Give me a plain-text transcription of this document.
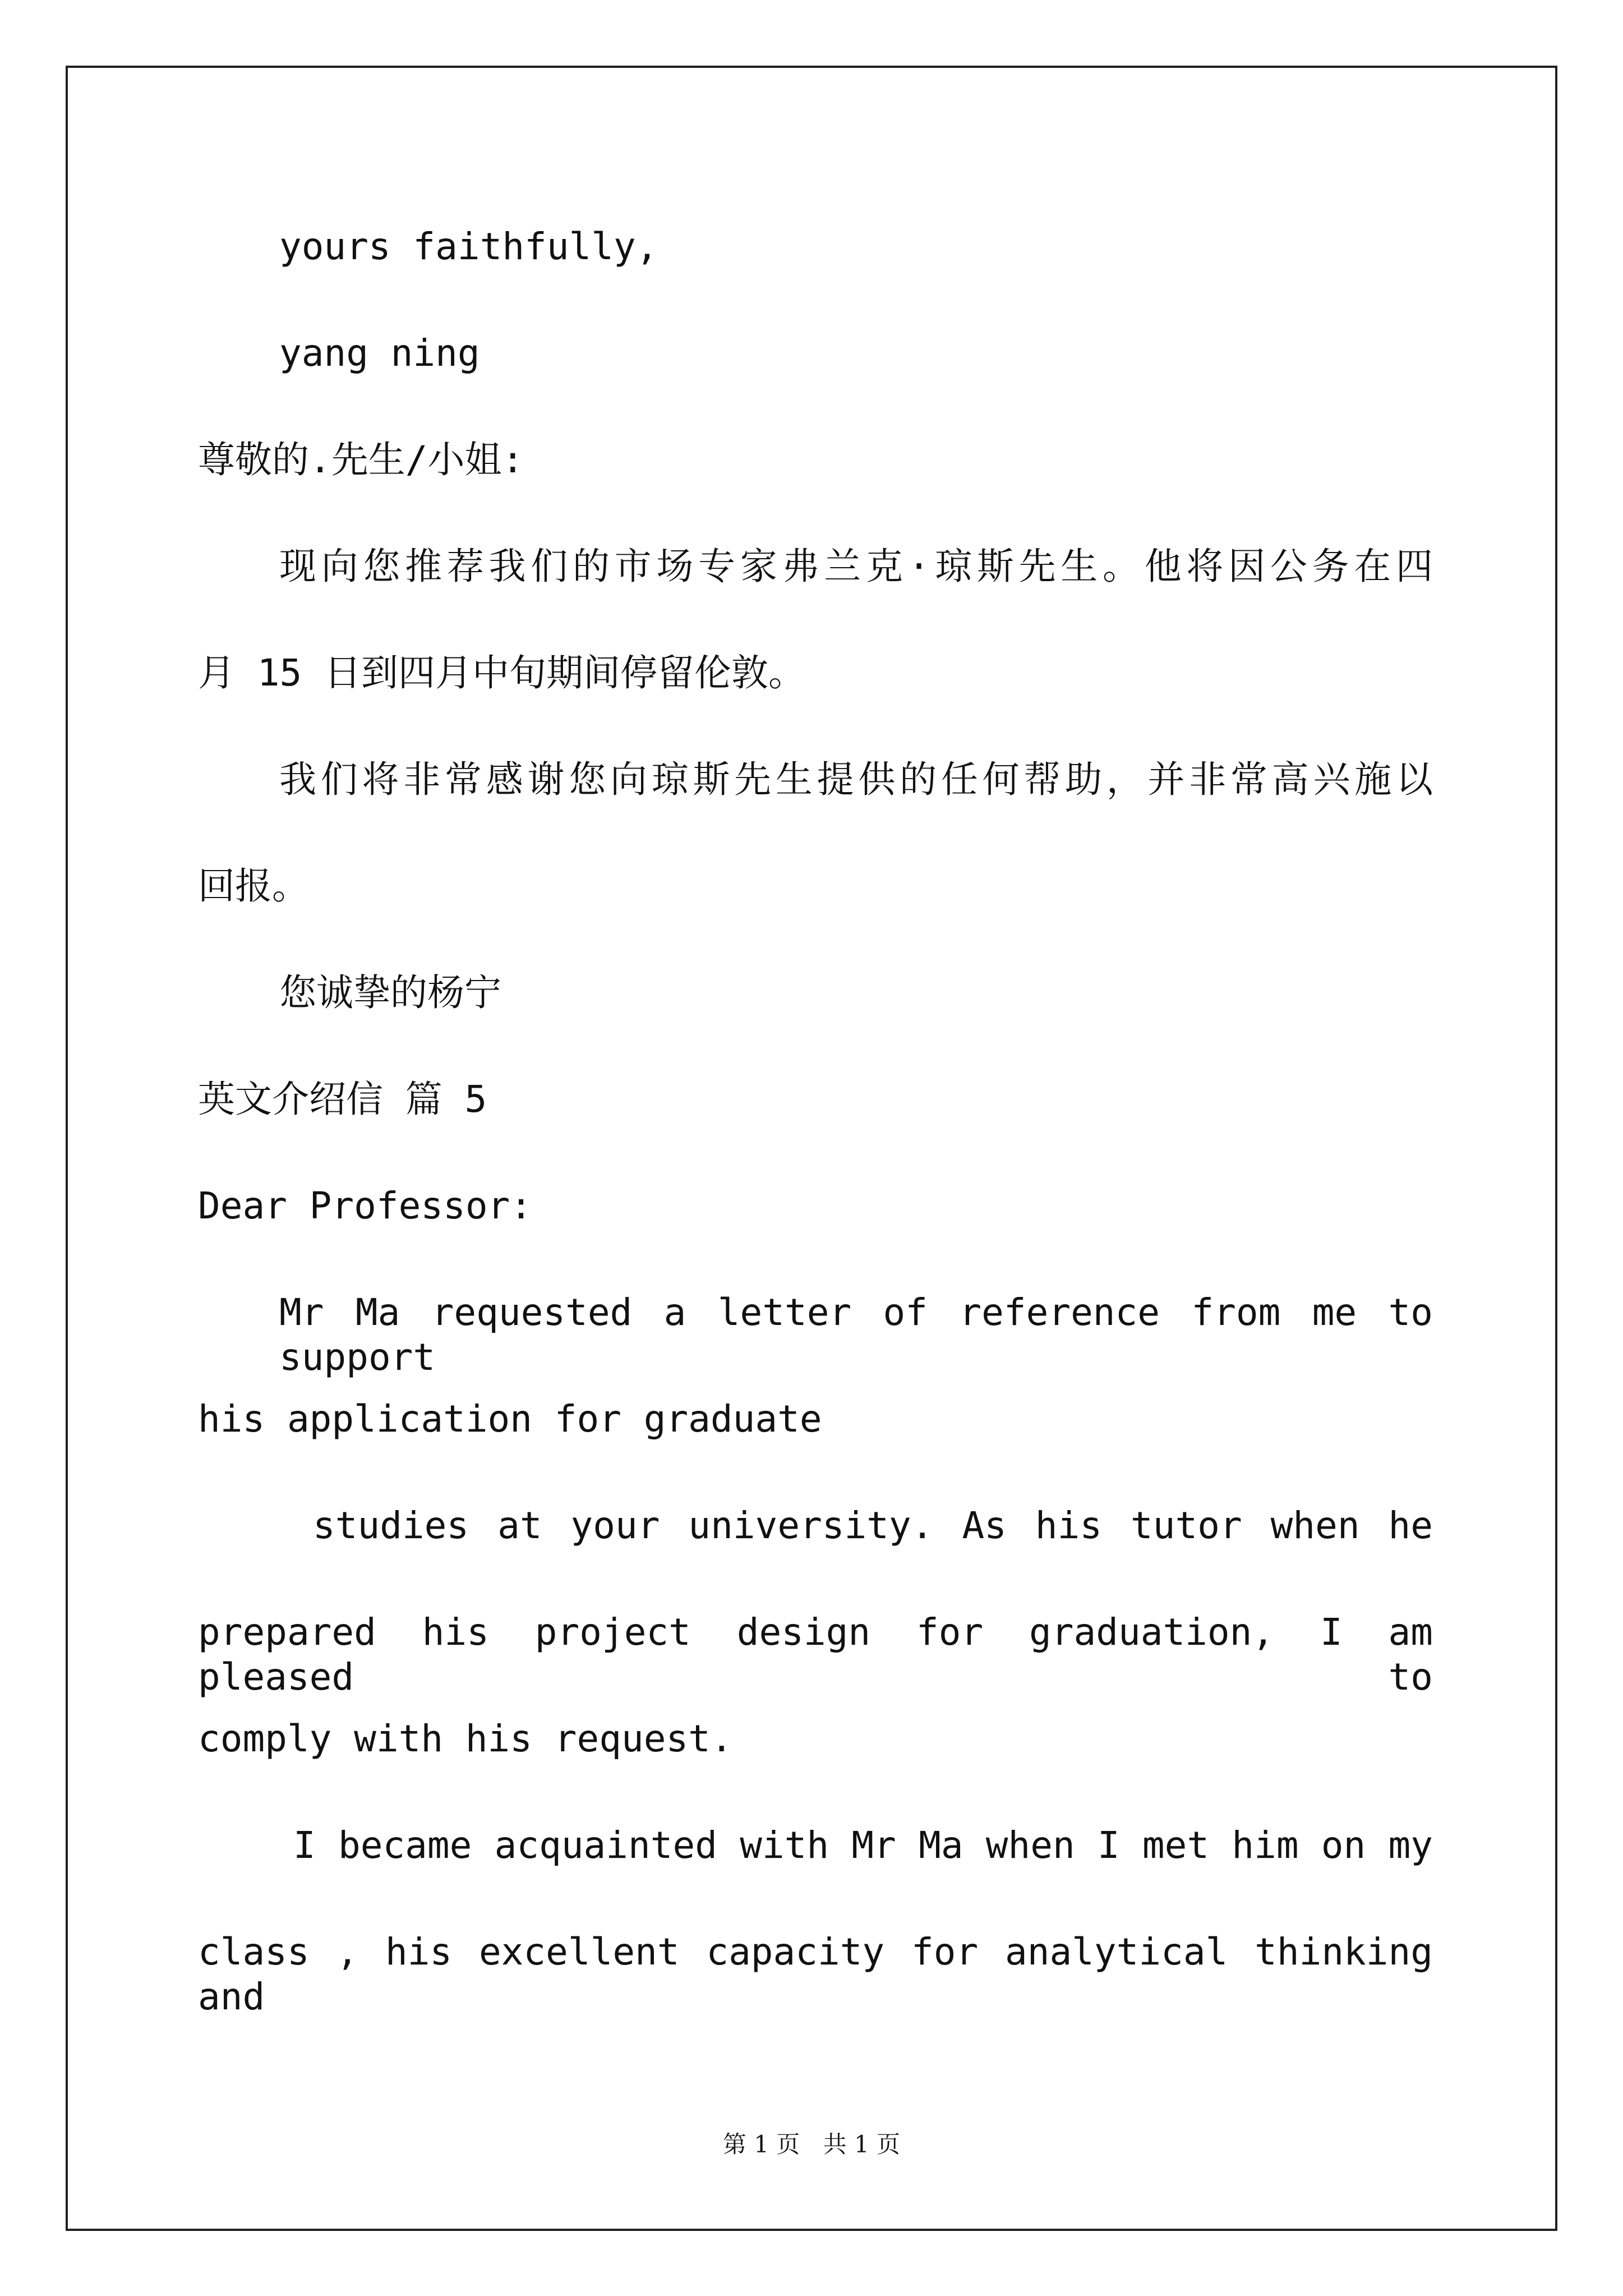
yours faithfully,
yang ning
尊敬的.先生/小姐:
现向您推荐我们的市场专家弗兰克·琼斯先生。他将因公务在四
月 15 日到四月中旬期间停留伦敦。
我们将非常感谢您向琼斯先生提供的任何帮助，并非常高兴施以
回报。
您诚挚的杨宁
英文介绍信 篇 5
Dear Professor:
Mr Ma requested a letter of reference from me to support
his application for graduate
studies at your university. As his tutor when he
prepared his project design for graduation, I am pleased to
comply with his request.
I became acquainted with Mr Ma when I met him on my
class , his excellent capacity for analytical thinking and
第 1 页 共 1 页
